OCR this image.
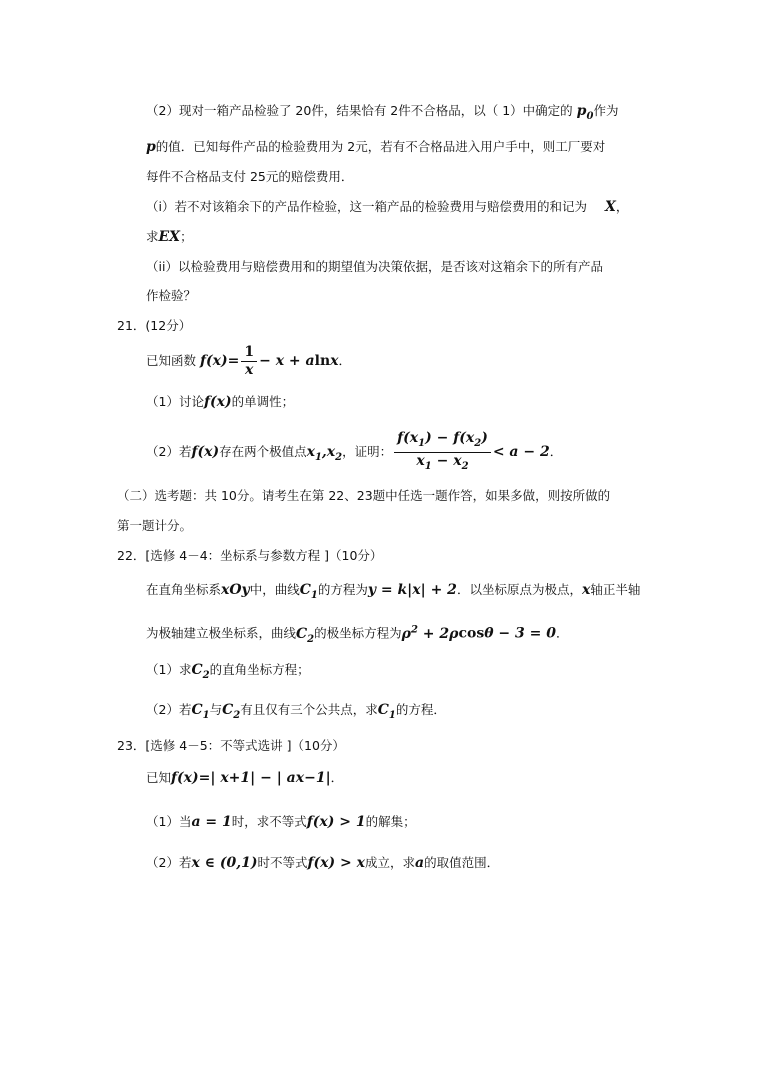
（2）现对一箱产品检验了 20件，结果恰有 2件不合格品，以（ 1）中确定的 $p_0$作为
p的值．已知每件产品的检验费用为 2元，若有不合格品进入用户手中，则工厂要对
每件不合格品支付 25元的赔偿费用．
（i）若不对该箱余下的产品作检验，这一箱产品的检验费用与赔偿费用的和记为 X，
求EX；
（ii）以检验费用与赔偿费用和的期望值为决策依据，是否该对这箱余下的所有产品
作检验？
21．(12分）
已知函数 $f(x)= \frac{1}{x} - x + alnx$．
（1）讨论f(x)的单调性；
（2）若f(x)存在两个极值点$x_1,x_2$，证明： $\frac{f(x_1) - f(x_2)}{x_1 - x_2} < a - 2$．
（二）选考题：共 10分。请考生在第 22、23题中任选一题作答，如果多做，则按所做的
第一题计分。
22．[选修 4－4：坐标系与参数方程 ]（10分）
在直角坐标系xOy中，曲线$C_1$的方程为y = k|x| + 2．以坐标原点为极点，x轴正半轴
为极轴建立极坐标系，曲线$C_2$的极坐标方程为$\rho^2 + 2\rho\cos\theta - 3 = 0$．
（1）求$C_2$的直角坐标方程；
（2）若$C_1$与$C_2$有且仅有三个公共点，求$C_1$的方程．
23．[选修 4－5：不等式选讲 ]（10分）
已知f(x)=| x+1| − | ax−1|．
（1）当a = 1时，求不等式f(x) > 1的解集；
（2）若x ∈ (0,1)时不等式f(x) > x成立，求a的取值范围．
